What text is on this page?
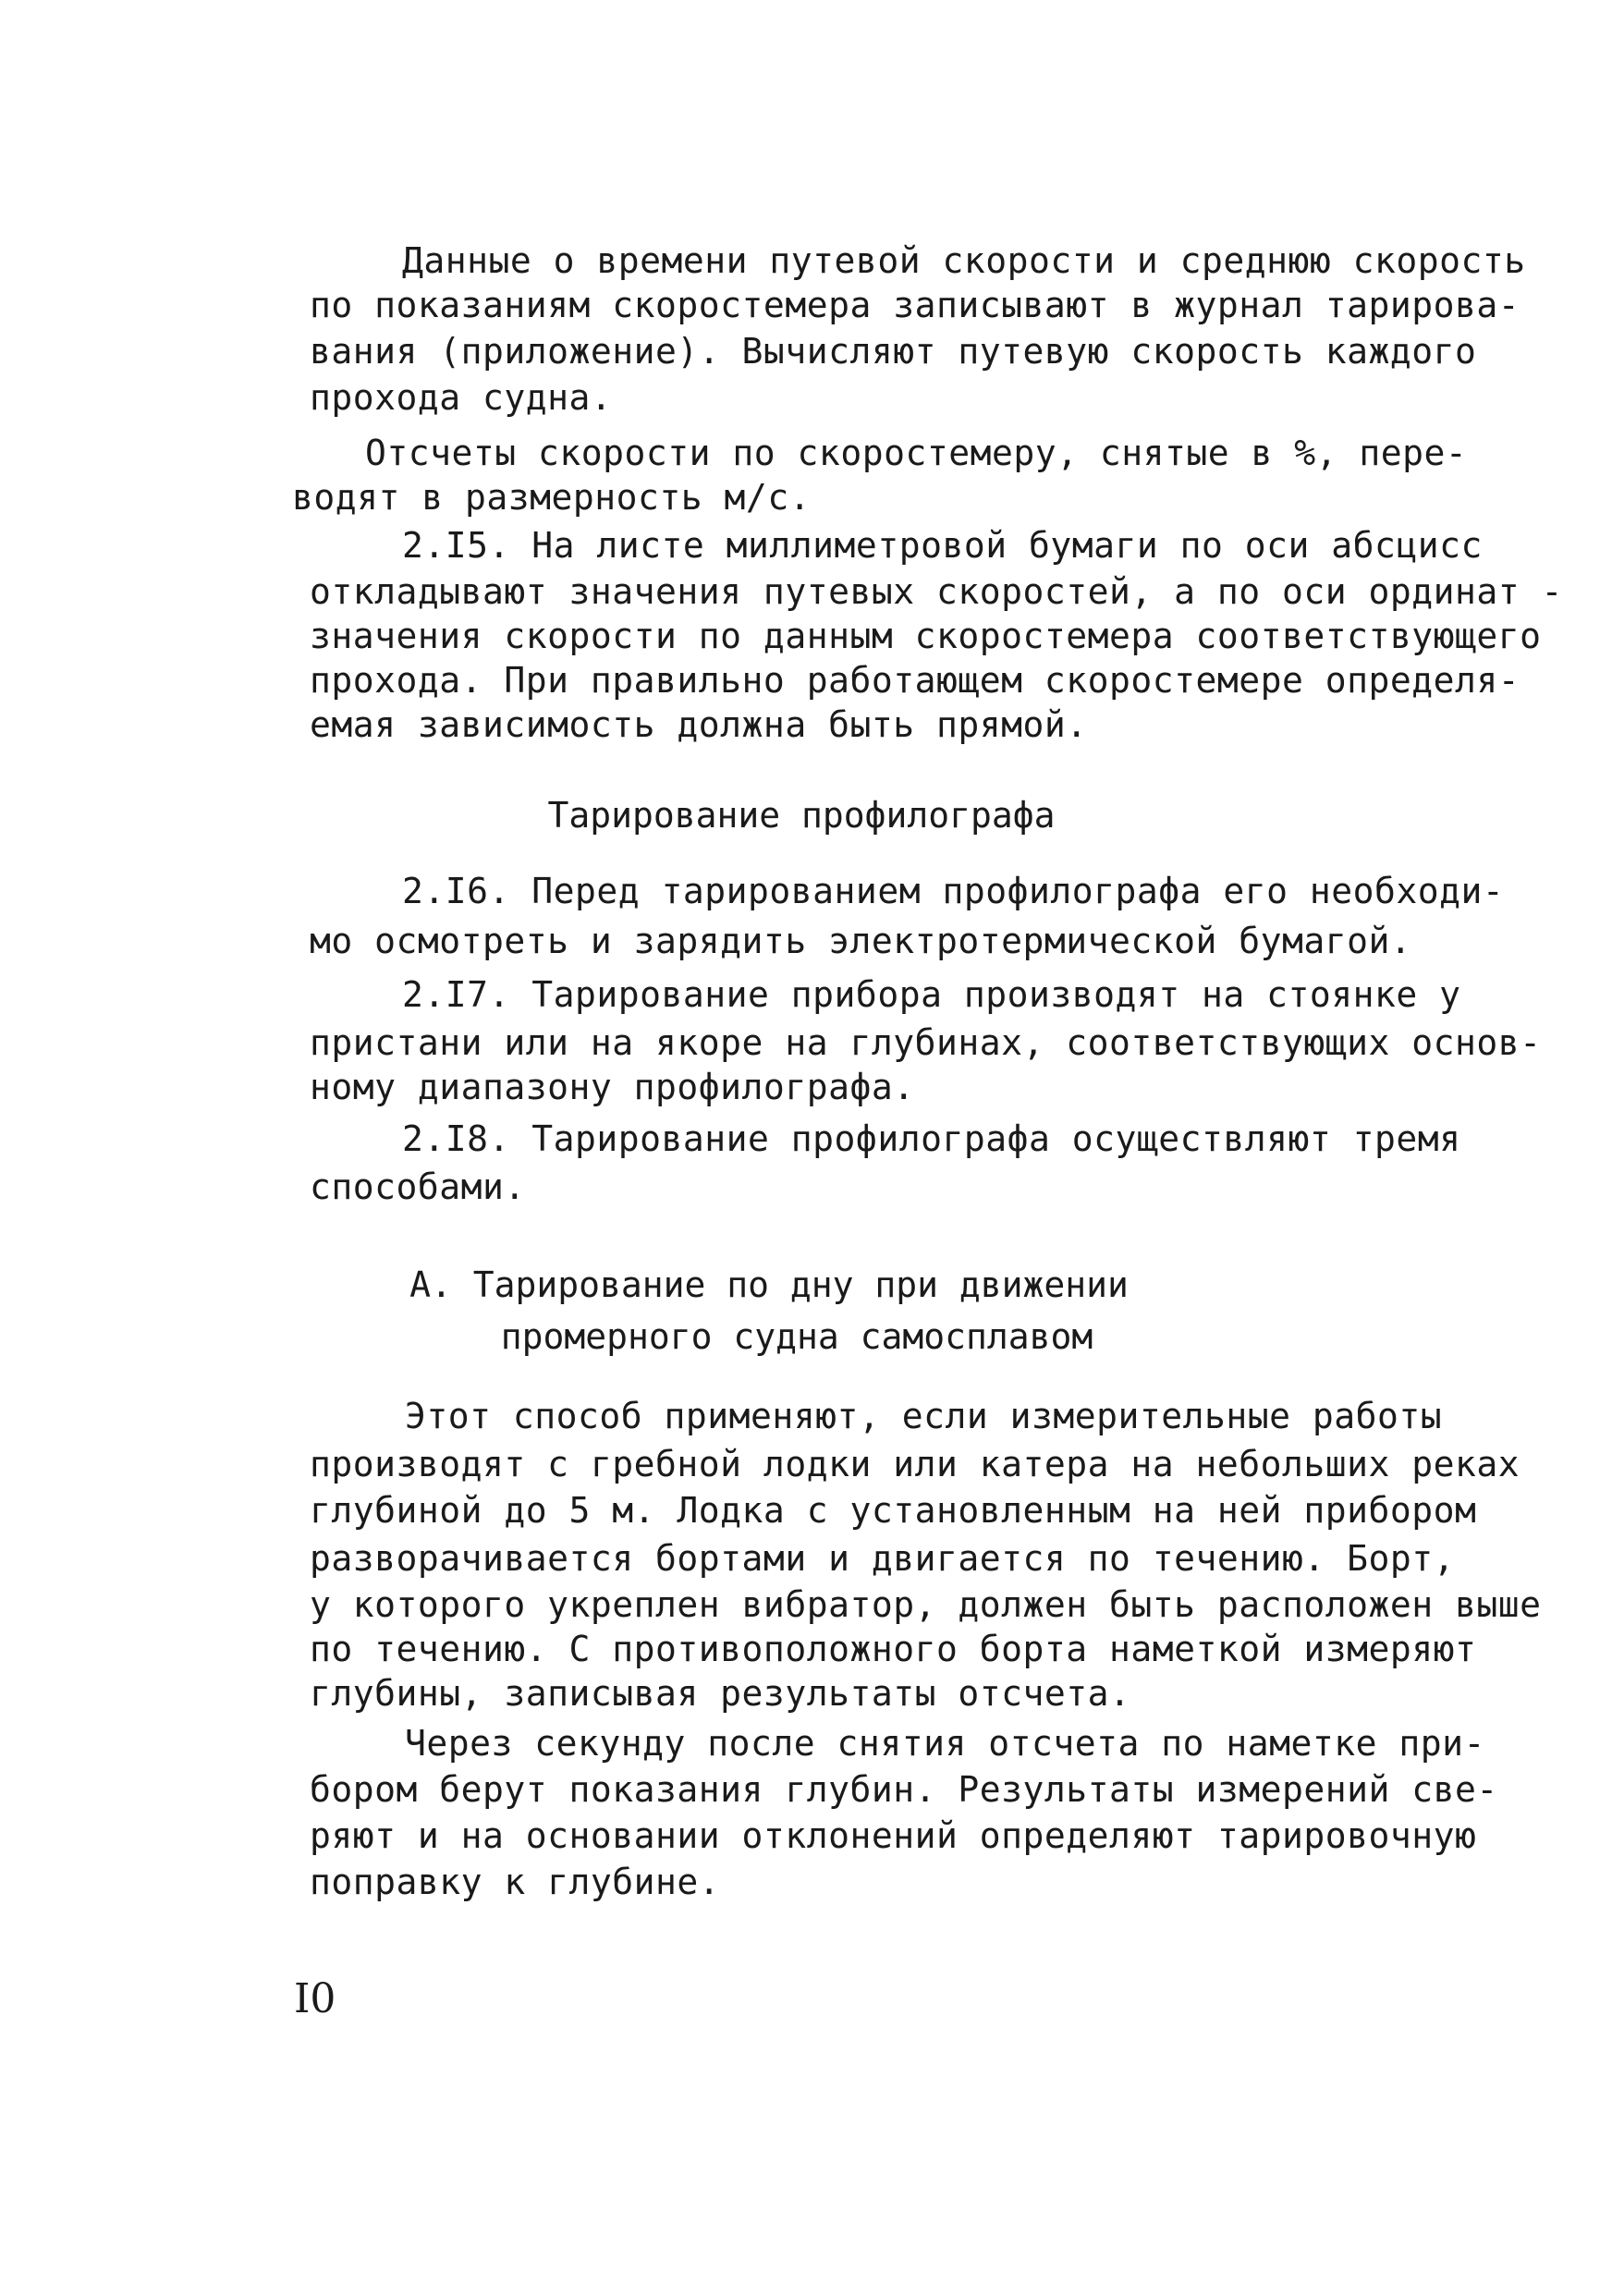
Данные о времени путевой скорости и среднюю скорость
по показаниям скоростемера записывают в журнал тарирова-
вания (приложение). Вычисляют путевую скорость каждого
прохода судна.
Отсчеты скорости по скоростемеру, снятые в %, пере-
водят в размерность м/с.
2.I5. На листе миллиметровой бумаги по оси абсцисс
откладывают значения путевых скоростей, а по оси ординат -
значения скорости по данным скоростемера соответствующего
прохода. При правильно работающем скоростемере определя-
емая зависимость должна быть прямой.
Тарирование профилографа
2.I6. Перед тарированием профилографа его необходи-
мо осмотреть и зарядить электротермической бумагой.
2.I7. Тарирование прибора производят на стоянке у
пристани или на якоре на глубинах, соответствующих основ-
ному диапазону профилографа.
2.I8. Тарирование профилографа осуществляют тремя
способами.
А. Тарирование по дну при движении
промерного судна самосплавом
Этот способ применяют, если измерительные работы
производят с гребной лодки или катера на небольших реках
глубиной до 5 м. Лодка с установленным на ней прибором
разворачивается бортами и двигается по течению. Борт,
у которого укреплен вибратор, должен быть расположен выше
по течению. С противоположного борта наметкой измеряют
глубины, записывая результаты отсчета.
Через секунду после снятия отсчета по наметке при-
бором берут показания глубин. Результаты измерений све-
ряют и на основании отклонений определяют тарировочную
поправку к глубине.
I0
